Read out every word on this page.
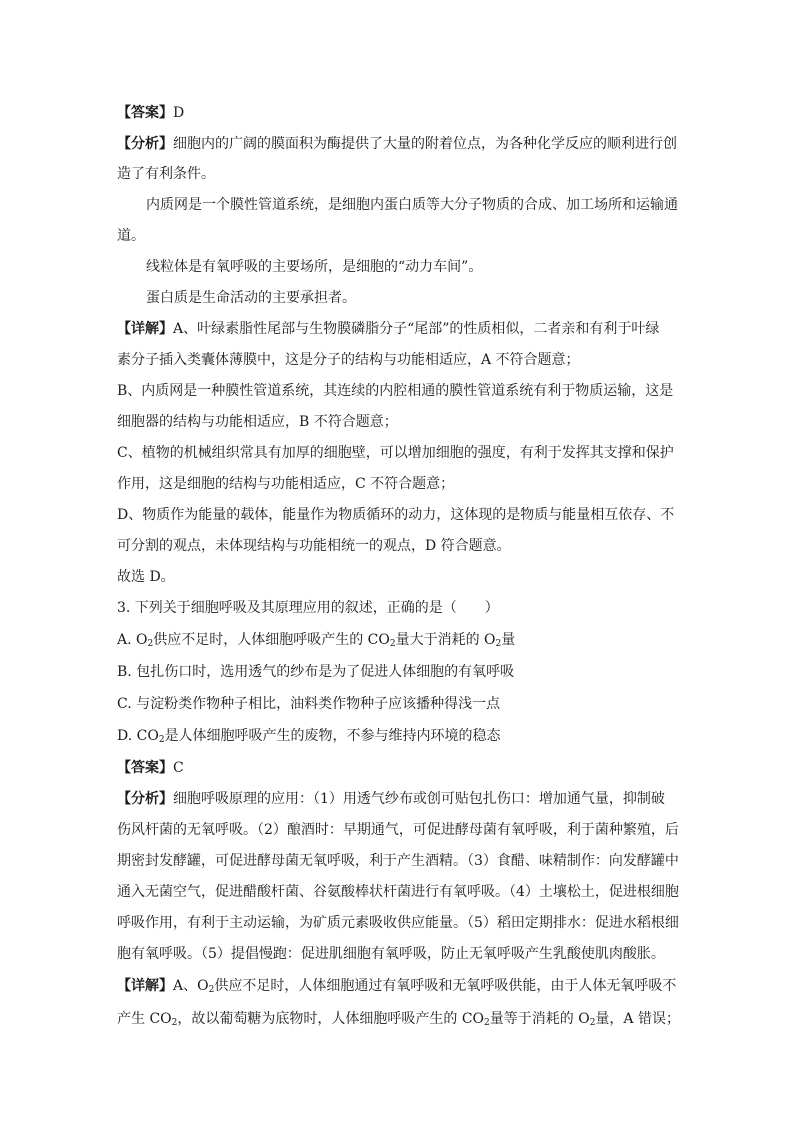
【答案】D
【分析】细胞内的广阔的膜面积为酶提供了大量的附着位点，为各种化学反应的顺利进行创
造了有利条件。
内质网是一个膜性管道系统，是细胞内蛋白质等大分子物质的合成、加工场所和运输通
道。
线粒体是有氧呼吸的主要场所，是细胞的“动力车间”。
蛋白质是生命活动的主要承担者。
【详解】A、叶绿素脂性尾部与生物膜磷脂分子“尾部”的性质相似，二者亲和有利于叶绿
素分子插入类囊体薄膜中，这是分子的结构与功能相适应，A 不符合题意；
B、内质网是一种膜性管道系统，其连续的内腔相通的膜性管道系统有利于物质运输，这是
细胞器的结构与功能相适应，B 不符合题意；
C、植物的机械组织常具有加厚的细胞壁，可以增加细胞的强度，有利于发挥其支撑和保护
作用，这是细胞的结构与功能相适应，C 不符合题意；
D、物质作为能量的载体，能量作为物质循环的动力，这体现的是物质与能量相互依存、不
可分割的观点，未体现结构与功能相统一的观点，D 符合题意。
故选 D。
3. 下列关于细胞呼吸及其原理应用的叙述，正确的是（　　）
A. $O_2$供应不足时，人体细胞呼吸产生的 $CO_2$量大于消耗的 $O_2$量
B. 包扎伤口时，选用透气的纱布是为了促进人体细胞的有氧呼吸
C. 与淀粉类作物种子相比，油料类作物种子应该播种得浅一点
D. $CO_2$是人体细胞呼吸产生的废物，不参与维持内环境的稳态
【答案】C
【分析】细胞呼吸原理的应用：（1）用透气纱布或创可贴包扎伤口：增加通气量，抑制破
伤风杆菌的无氧呼吸。（2）酿酒时：早期通气，可促进酵母菌有氧呼吸，利于菌种繁殖，后
期密封发酵罐，可促进酵母菌无氧呼吸，利于产生酒精。（3）食醋、味精制作：向发酵罐中
通入无菌空气，促进醋酸杆菌、谷氨酸棒状杆菌进行有氧呼吸。（4）土壤松土，促进根细胞
呼吸作用，有利于主动运输，为矿质元素吸收供应能量。（5）稻田定期排水：促进水稻根细
胞有氧呼吸。（5）提倡慢跑：促进肌细胞有氧呼吸，防止无氧呼吸产生乳酸使肌肉酸胀。
【详解】A、$O_2$供应不足时，人体细胞通过有氧呼吸和无氧呼吸供能，由于人体无氧呼吸不
产生 $CO_2$，故以葡萄糖为底物时，人体细胞呼吸产生的 $CO_2$量等于消耗的 $O_2$量，A 错误；
